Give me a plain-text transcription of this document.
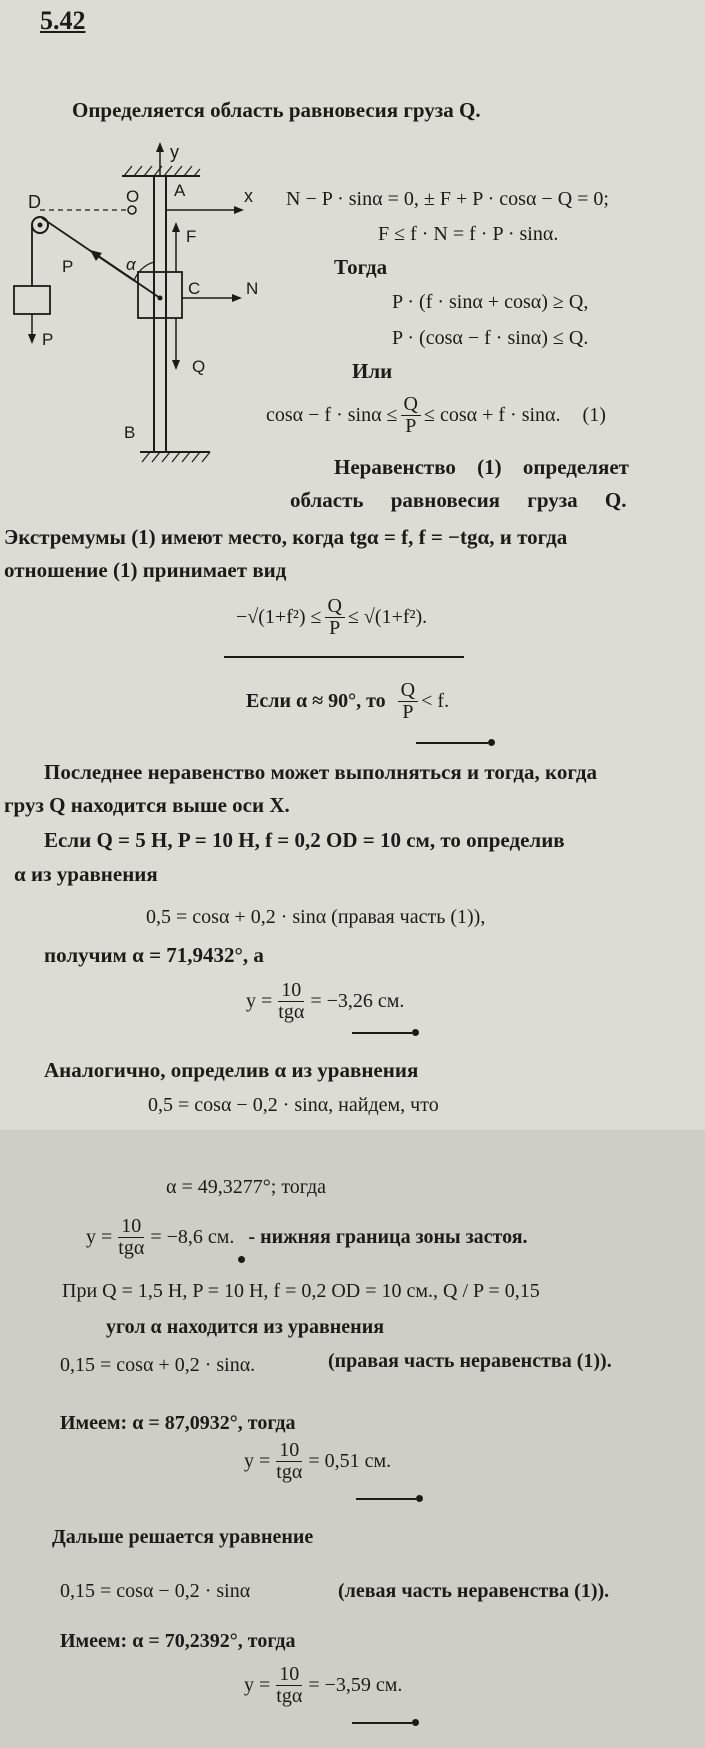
5.42
Определяется область равновесия груза Q.
y
A	x
O
D
P	α
P
C
F
N
Q
B
N − P · sinα = 0, ± F + P · cosα − Q = 0;
F ≤ f · N = f · P · sinα.
Тогда
P · (f · sinα + cosα) ≥ Q,
P · (cosα − f · sinα) ≤ Q.
Или
$\cos\alpha - f \cdot \sin\alpha \le \frac{Q}{P} \le \cos\alpha + f \cdot \sin\alpha$. (1)
Неравенство (1) определяет
область равновесия груза Q.
Экстремумы (1) имеют место, когда tgα = f, f = −tgα, и тогда
отношение (1) принимает вид
$-√(1+f^2) \le \frac{Q}{P} \le √(1+f^2)$.
Если α ≈ 90°, то $\frac{Q}{P} < f$.
Последнее неравенство может выполняться и тогда, когда
груз Q находится выше оси X.
Если Q = 5 Н, P = 10 Н, f = 0,2 OD = 10 см, то определив
α из уравнения
0,5 = cosα + 0,2 · sinα (правая часть (1)),
получим α = 71,9432°, а
$y = \frac{10}{\text{tgα}} = -3,26$ см.
Аналогично, определив α из уравнения
0,5 = cosα − 0,2 · sinα, найдем, что
α = 49,3277°; тогда
$y = \frac{10}{\text{tgα}} = -8,6$ см. - нижняя граница зоны застоя.
При Q = 1,5 Н, P = 10 Н, f = 0,2 OD = 10 см., Q / P = 0,15
угол α находится из уравнения
0,15 = cosα + 0,2 · sinα.	(правая часть неравенства (1)).
Имеем: α = 87,0932°, тогда
$y = \frac{10}{\text{tgα}} = 0,51$ см.
Дальше решается уравнение
0,15 = cosα − 0,2 · sinα	(левая часть неравенства (1)).
Имеем: α = 70,2392°, тогда
$y = \frac{10}{\text{tgα}} = -3,59$ см.
